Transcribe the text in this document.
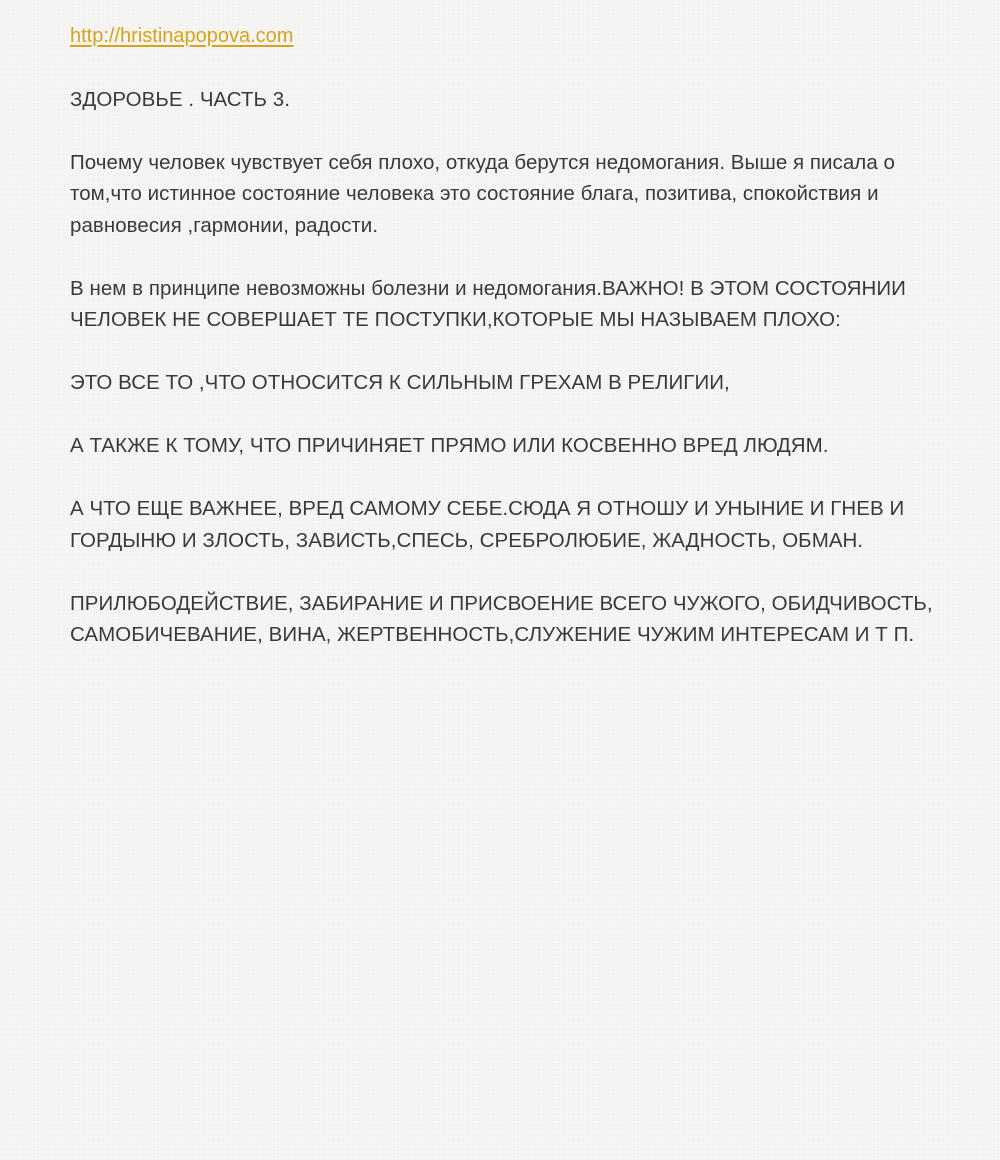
http://hristinapopova.com

ЗДОРОВЬЕ . ЧАСТЬ 3.

Почему человек чувствует себя плохо, откуда берутся недомогания. Выше я писала о том,что истинное состояние человека это состояние блага, позитива, спокойствия и равновесия ,гармонии, радости.

В нем в принципе невозможны болезни и недомогания.ВАЖНО! В ЭТОМ СОСТОЯНИИ ЧЕЛОВЕК НЕ СОВЕРШАЕТ ТЕ ПОСТУПКИ,КОТОРЫЕ МЫ НАЗЫВАЕМ ПЛОХО:

ЭТО ВСЕ ТО ,ЧТО ОТНОСИТСЯ К СИЛЬНЫМ ГРЕХАМ В РЕЛИГИИ,

А ТАКЖЕ К ТОМУ, ЧТО ПРИЧИНЯЕТ ПРЯМО ИЛИ КОСВЕННО ВРЕД ЛЮДЯМ.

А ЧТО ЕЩЕ ВАЖНЕЕ, ВРЕД САМОМУ СЕБЕ.СЮДА Я ОТНОШУ И УНЫНИЕ И ГНЕВ И ГОРДЫНЮ И ЗЛОСТЬ, ЗАВИСТЬ,СПЕСЬ, СРЕБРОЛЮБИЕ, ЖАДНОСТЬ, ОБМАН.

ПРИЛЮБОДЕЙСТВИЕ, ЗАБИРАНИЕ И ПРИСВОЕНИЕ ВСЕГО ЧУЖОГО, ОБИДЧИВОСТЬ, САМОБИЧЕВАНИЕ, ВИНА, ЖЕРТВЕННОСТЬ,СЛУЖЕНИЕ ЧУЖИМ ИНТЕРЕСАМ И Т П.
